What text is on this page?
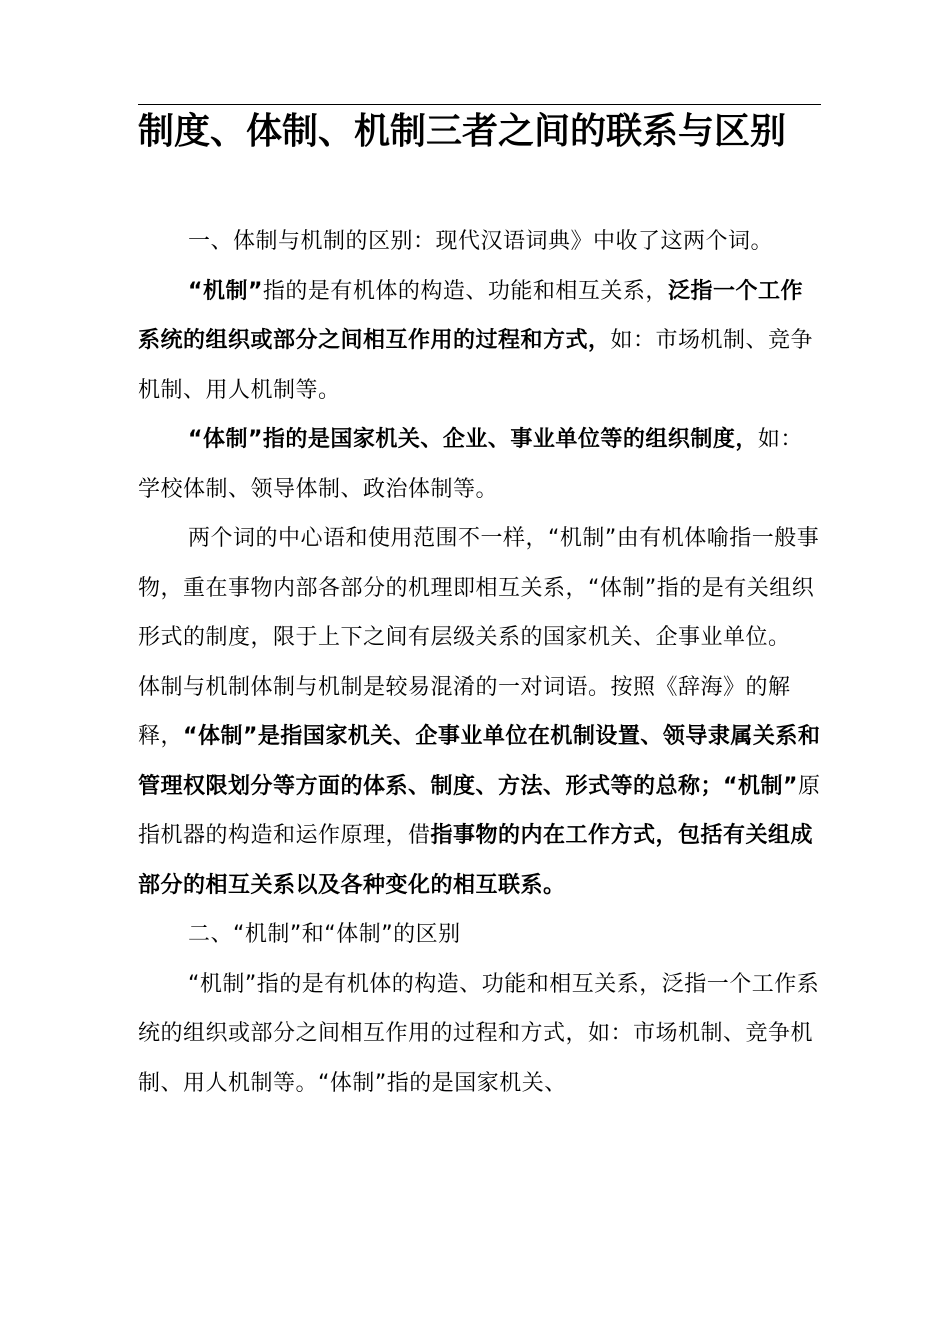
制度、体制、机制三者之间的联系与区别

一、体制与机制的区别：现代汉语词典》中收了这两个词。

“机制”指的是有机体的构造、功能和相互关系，泛指一个工作系统的组织或部分之间相互作用的过程和方式，如：市场机制、竞争机制、用人机制等。

“体制”指的是国家机关、企业、事业单位等的组织制度，如：学校体制、领导体制、政治体制等。

两个词的中心语和使用范围不一样，“机制”由有机体喻指一般事物，重在事物内部各部分的机理即相互关系，“体制”指的是有关组织形式的制度，限于上下之间有层级关系的国家机关、企事业单位。

体制与机制体制与机制是较易混淆的一对词语。按照《辞海》的解释，“体制”是指国家机关、企事业单位在机制设置、领导隶属关系和管理权限划分等方面的体系、制度、方法、形式等的总称；“机制”原指机器的构造和运作原理，借指事物的内在工作方式，包括有关组成部分的相互关系以及各种变化的相互联系。

二、“机制”和“体制”的区别

“机制”指的是有机体的构造、功能和相互关系，泛指一个工作系统的组织或部分之间相互作用的过程和方式，如：市场机制、竞争机制、用人机制等。“体制”指的是国家机关、
